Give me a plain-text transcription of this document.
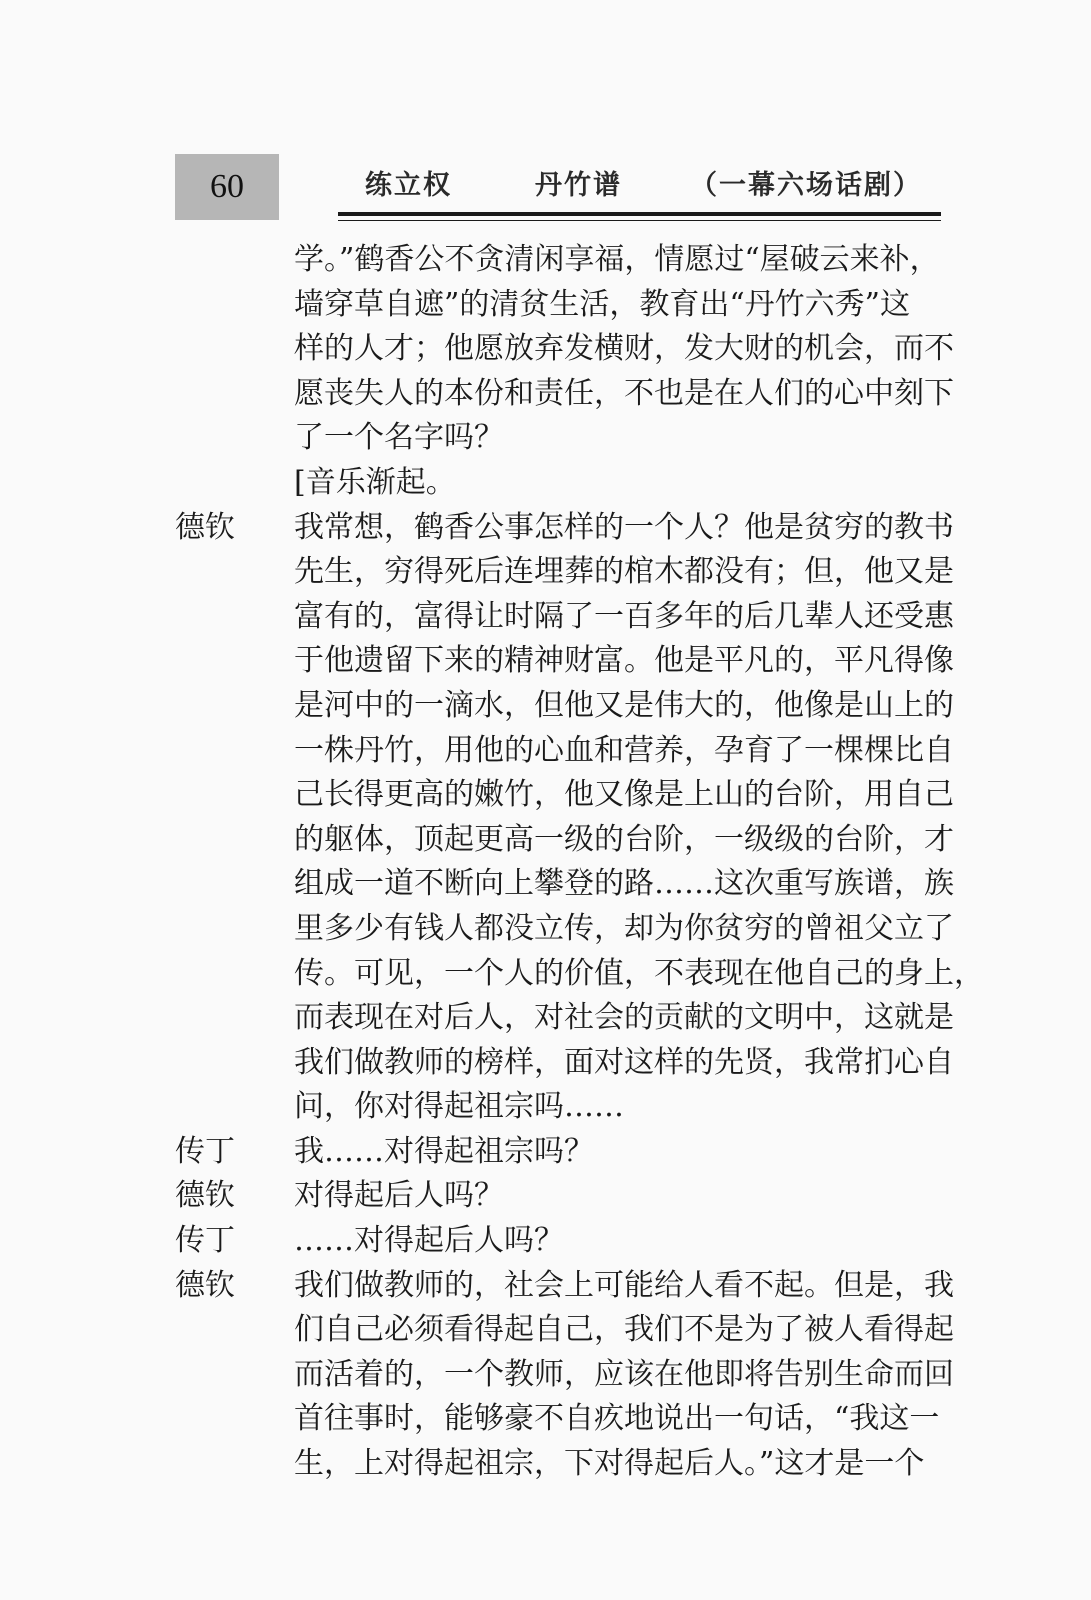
60	练立权	丹竹谱	（一幕六场话剧）
学。”鹤香公不贪清闲享福，情愿过“屋破云来补，
墙穿草自遮”的清贫生活，教育出“丹竹六秀”这
样的人才；他愿放弃发横财，发大财的机会，而不
愿丧失人的本份和责任，不也是在人们的心中刻下
了一个名字吗？
[音乐渐起。
德钦	我常想，鹤香公事怎样的一个人？他是贫穷的教书
先生，穷得死后连埋葬的棺木都没有；但，他又是
富有的，富得让时隔了一百多年的后几辈人还受惠
于他遗留下来的精神财富。他是平凡的，平凡得像
是河中的一滴水，但他又是伟大的，他像是山上的
一株丹竹，用他的心血和营养，孕育了一棵棵比自
己长得更高的嫩竹，他又像是上山的台阶，用自己
的躯体，顶起更高一级的台阶，一级级的台阶，才
组成一道不断向上攀登的路……这次重写族谱，族
里多少有钱人都没立传，却为你贫穷的曾祖父立了
传。可见，一个人的价值，不表现在他自己的身上，
而表现在对后人，对社会的贡献的文明中，这就是
我们做教师的榜样，面对这样的先贤，我常扪心自
问，你对得起祖宗吗……
传丁	我……对得起祖宗吗？
德钦	对得起后人吗？
传丁	……对得起后人吗？
德钦	我们做教师的，社会上可能给人看不起。但是，我
们自己必须看得起自己，我们不是为了被人看得起
而活着的，一个教师，应该在他即将告别生命而回
首往事时，能够豪不自疚地说出一句话，“我这一
生，上对得起祖宗，下对得起后人。”这才是一个
